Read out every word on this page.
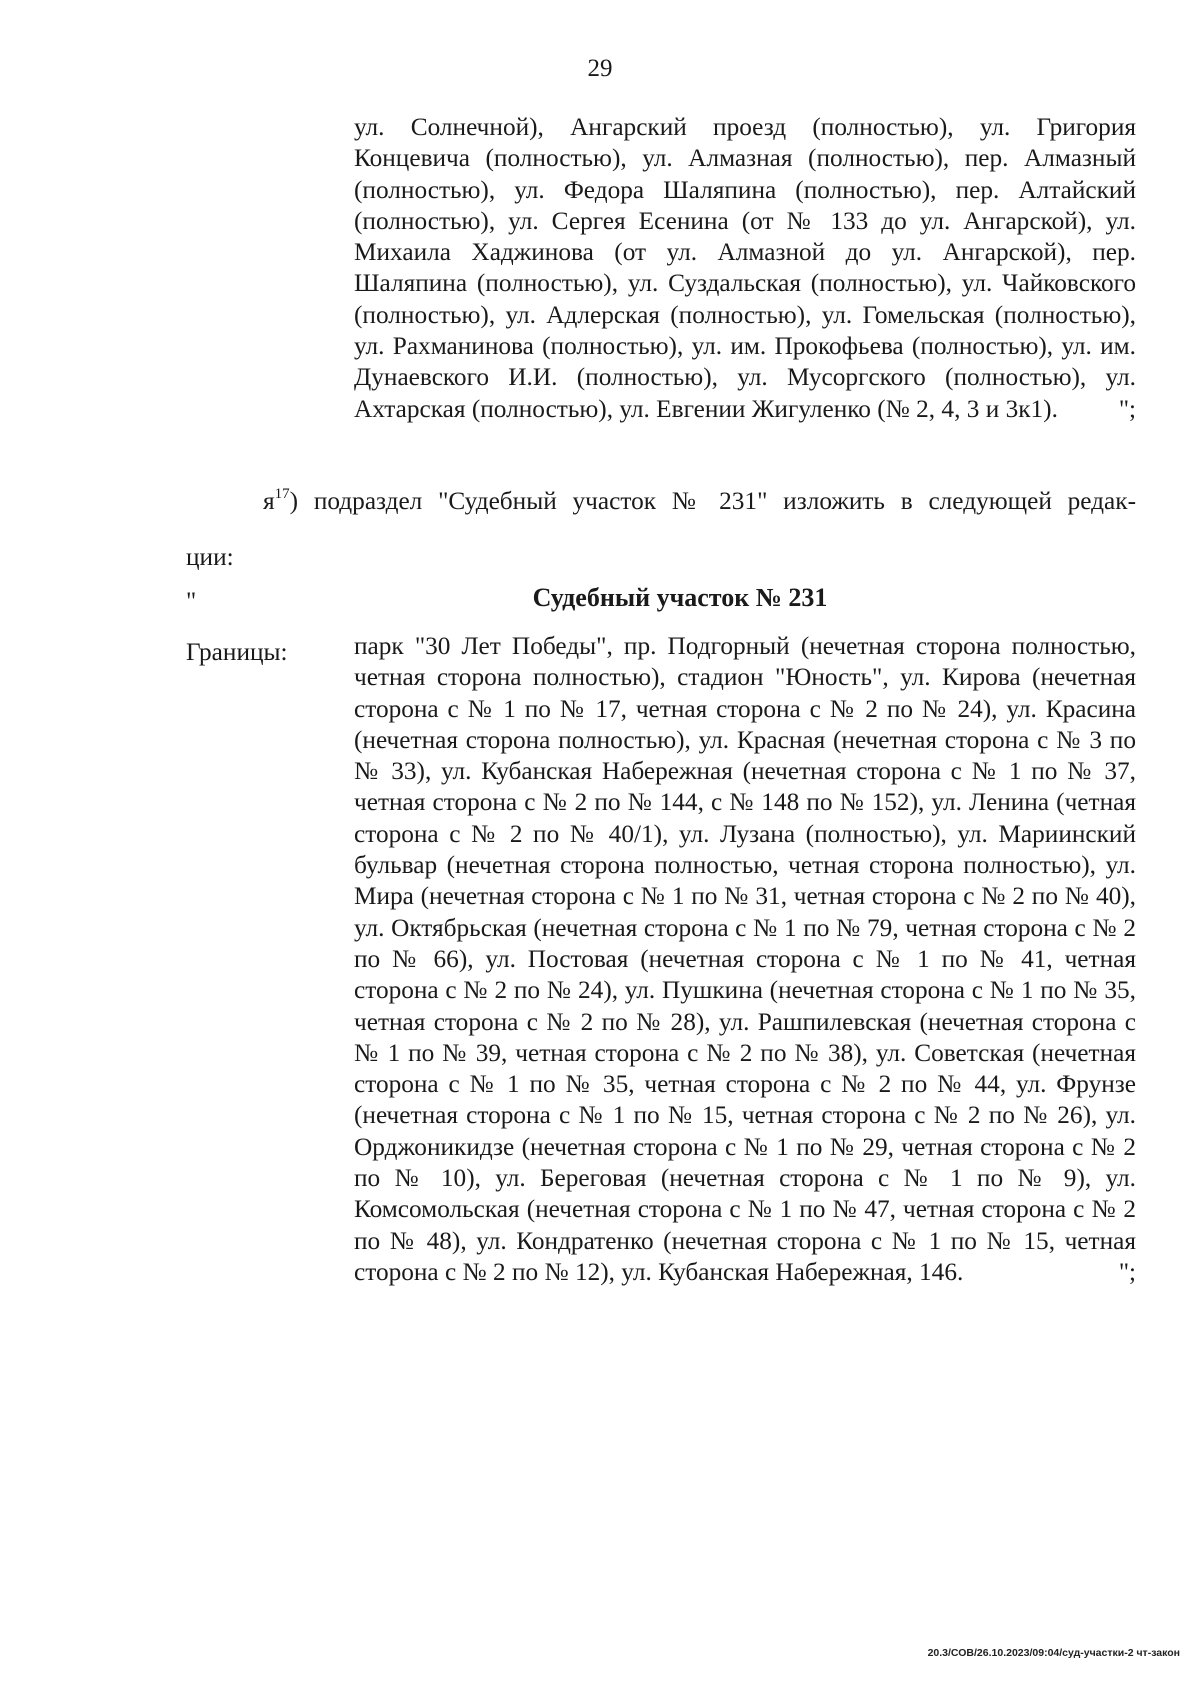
29
ул. Солнечной), Ангарский проезд (полностью), ул. Григория Концевича (полностью), ул. Алмазная (полностью), пер. Алмазный (полностью), ул. Федора Шаляпина (полностью), пер. Алтайский (полностью), ул. Сергея Есенина (от № 133 до ул. Ангарской), ул. Михаила Хаджинова (от ул. Алмазной до ул. Ангарской), пер. Шаляпина (полностью), ул. Суздальская (полностью), ул. Чайковского (полностью), ул. Адлерская (полностью), ул. Гомельская (полностью), ул. Рахманинова (полностью), ул. им. Прокофьева (полностью), ул. им. Дунаевского И.И. (полностью), ул. Мусоргского (полностью), ул. Ахтарская (полностью), ул. Евгении Жигуленко (№ 2, 4, 3 и 3к1). ";
$я^{17}$) подраздел "Судебный участок № 231" изложить в следующей редак-
ции:
"	Судебный участок № 231
Границы:	парк "30 Лет Победы", пр. Подгорный (нечетная сторона полностью, четная сторона полностью), стадион "Юность", ул. Кирова (нечетная сторона с № 1 по № 17, четная сторона с № 2 по № 24), ул. Красина (нечетная сторона полностью), ул. Красная (нечетная сторона с № 3 по № 33), ул. Кубанская Набережная (нечетная сторона с № 1 по № 37, четная сторона с № 2 по № 144, с № 148 по № 152), ул. Ленина (четная сторона с № 2 по № 40/1), ул. Лузана (полностью), ул. Мариинский бульвар (нечетная сторона полностью, четная сторона полностью), ул. Мира (нечетная сторона с № 1 по № 31, четная сторона с № 2 по № 40), ул. Октябрьская (нечетная сторона с № 1 по № 79, четная сторона с № 2 по № 66), ул. Постовая (нечетная сторона с № 1 по № 41, четная сторона с № 2 по № 24), ул. Пушкина (нечетная сторона с № 1 по № 35, четная сторона с № 2 по № 28), ул. Рашпилевская (нечетная сторона с № 1 по № 39, четная сторона с № 2 по № 38), ул. Советская (нечетная сторона с № 1 по № 35, четная сторона с № 2 по № 44, ул. Фрунзе (нечетная сторона с № 1 по № 15, четная сторона с № 2 по № 26), ул. Орджоникидзе (нечетная сторона с № 1 по № 29, четная сторона с № 2 по № 10), ул. Береговая (нечетная сторона с № 1 по № 9), ул. Комсомольская (нечетная сторона с № 1 по № 47, четная сторона с № 2 по № 48), ул. Кондратенко (нечетная сторона с № 1 по № 15, четная сторона с № 2 по № 12), ул. Кубанская Набережная, 146.	";
20.3/СОВ/26.10.2023/09:04/суд-участки-2 чт-закон
